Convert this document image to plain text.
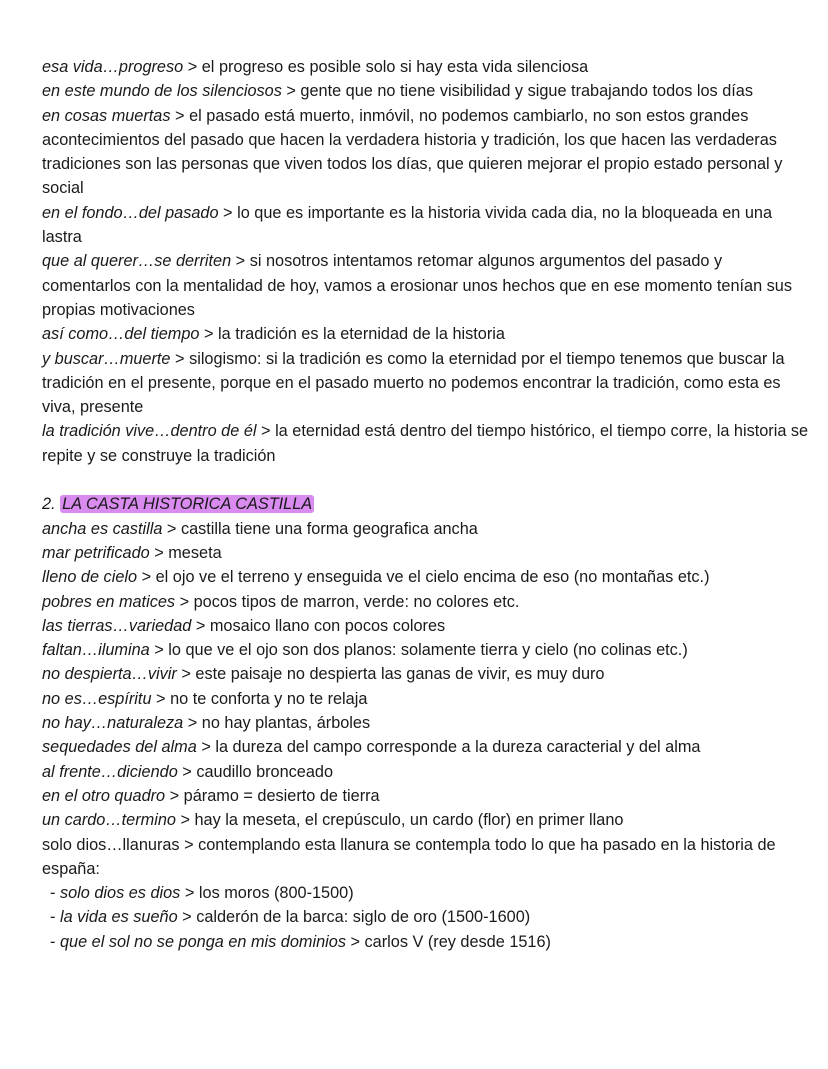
esa vida…progreso > el progreso es posible solo si hay esta vida silenciosa

en este mundo de los silenciosos > gente que no tiene visibilidad y sigue trabajando todos los días

en cosas muertas > el pasado está muerto, inmóvil, no podemos cambiarlo, no son estos grandes acontecimientos del pasado que hacen la verdadera historia y tradición, los que hacen las verdaderas tradiciones son las personas que viven todos los días, que quieren mejorar el propio estado personal y social

en el fondo…del pasado > lo que es importante es la historia vivida cada dia, no la bloqueada en una lastra

que al querer…se derriten > si nosotros intentamos retomar algunos argumentos del pasado y comentarlos con la mentalidad de hoy, vamos a erosionar unos hechos que en ese momento tenían sus propias motivaciones

así como…del tiempo > la tradición es la eternidad de la historia

y buscar…muerte > silogismo: si la tradición es como la eternidad por el tiempo tenemos que buscar la tradición en el presente, porque en el pasado muerto no podemos encontrar la tradición, como esta es viva, presente

la tradición vive…dentro de él > la eternidad está dentro del tiempo histórico, el tiempo corre, la historia se repite y se construye la tradición

2. LA CASTA HISTORICA CASTILLA

ancha es castilla > castilla tiene una forma geografica ancha

mar petrificado > meseta

lleno de cielo > el ojo ve el terreno y enseguida ve el cielo encima de eso (no montañas etc.)

pobres en matices > pocos tipos de marron, verde: no colores etc.

las tierras…variedad > mosaico llano con pocos colores

faltan…ilumina > lo que ve el ojo son dos planos: solamente tierra y cielo (no colinas etc.)

no despierta…vivir > este paisaje no despierta las ganas de vivir, es muy duro

no es…espíritu > no te conforta y no te relaja

no hay…naturaleza > no hay plantas, árboles

sequedades del alma > la dureza del campo corresponde a la dureza caracterial y del alma

al frente…diciendo > caudillo bronceado

en el otro quadro > páramo = desierto de tierra

un cardo…termino > hay la meseta, el crepúsculo, un cardo (flor) en primer llano

solo dios…llanuras > contemplando esta llanura se contempla todo lo que ha pasado en la historia de españa:

- solo dios es dios > los moros (800-1500)

- la vida es sueño > calderón de la barca: siglo de oro (1500-1600)

- que el sol no se ponga en mis dominios > carlos V (rey desde 1516)
